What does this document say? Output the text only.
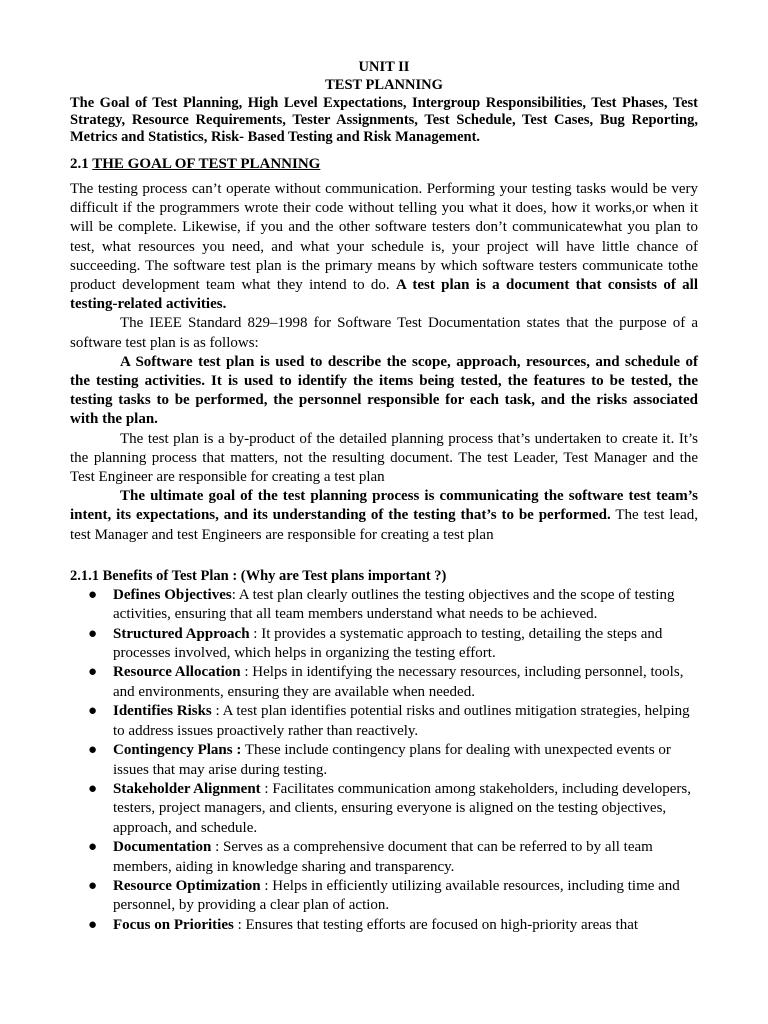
UNIT II
TEST PLANNING
The Goal of Test Planning, High Level Expectations, Intergroup Responsibilities, Test Phases, Test Strategy, Resource Requirements, Tester Assignments, Test Schedule, Test Cases, Bug Reporting, Metrics and Statistics, Risk- Based Testing and Risk Management.
2.1 THE GOAL OF TEST PLANNING

The testing process can’t operate without communication. Performing your testing tasks would be very difficult if the programmers wrote their code without telling you what it does, how it works,or when it will be complete. Likewise, if you and the other software testers don’t communicatewhat you plan to test, what resources you need, and what your schedule is, your project will have little chance of succeeding. The software test plan is the primary means by which software testers communicate tothe product development team what they intend to do. A test plan is a document that consists of all testing-related activities.

The IEEE Standard 829–1998 for Software Test Documentation states that the purpose of a software test plan is as follows:

A Software test plan is used to describe the scope, approach, resources, and schedule of the testing activities. It is used to identify the items being tested, the features to be tested, the testing tasks to be performed, the personnel responsible for each task, and the risks associated with the plan.

The test plan is a by-product of the detailed planning process that’s undertaken to create it. It’s the planning process that matters, not the resulting document. The test Leader, Test Manager and the Test Engineer are responsible for creating a test plan

The ultimate goal of the test planning process is communicating the software test team’s intent, its expectations, and its understanding of the testing that’s to be performed. The test lead, test Manager and test Engineers are responsible for creating a test plan

2.1.1 Benefits of Test Plan : (Why are Test plans important ?)
● Defines Objectives: A test plan clearly outlines the testing objectives and the scope of testing activities, ensuring that all team members understand what needs to be achieved.
● Structured Approach : It provides a systematic approach to testing, detailing the steps and processes involved, which helps in organizing the testing effort.
● Resource Allocation : Helps in identifying the necessary resources, including personnel, tools, and environments, ensuring they are available when needed.
● Identifies Risks : A test plan identifies potential risks and outlines mitigation strategies, helping to address issues proactively rather than reactively.
● Contingency Plans : These include contingency plans for dealing with unexpected events or issues that may arise during testing.
● Stakeholder Alignment : Facilitates communication among stakeholders, including developers, testers, project managers, and clients, ensuring everyone is aligned on the testing objectives, approach, and schedule.
● Documentation : Serves as a comprehensive document that can be referred to by all team members, aiding in knowledge sharing and transparency.
● Resource Optimization : Helps in efficiently utilizing available resources, including time and personnel, by providing a clear plan of action.
● Focus on Priorities : Ensures that testing efforts are focused on high-priority areas that
